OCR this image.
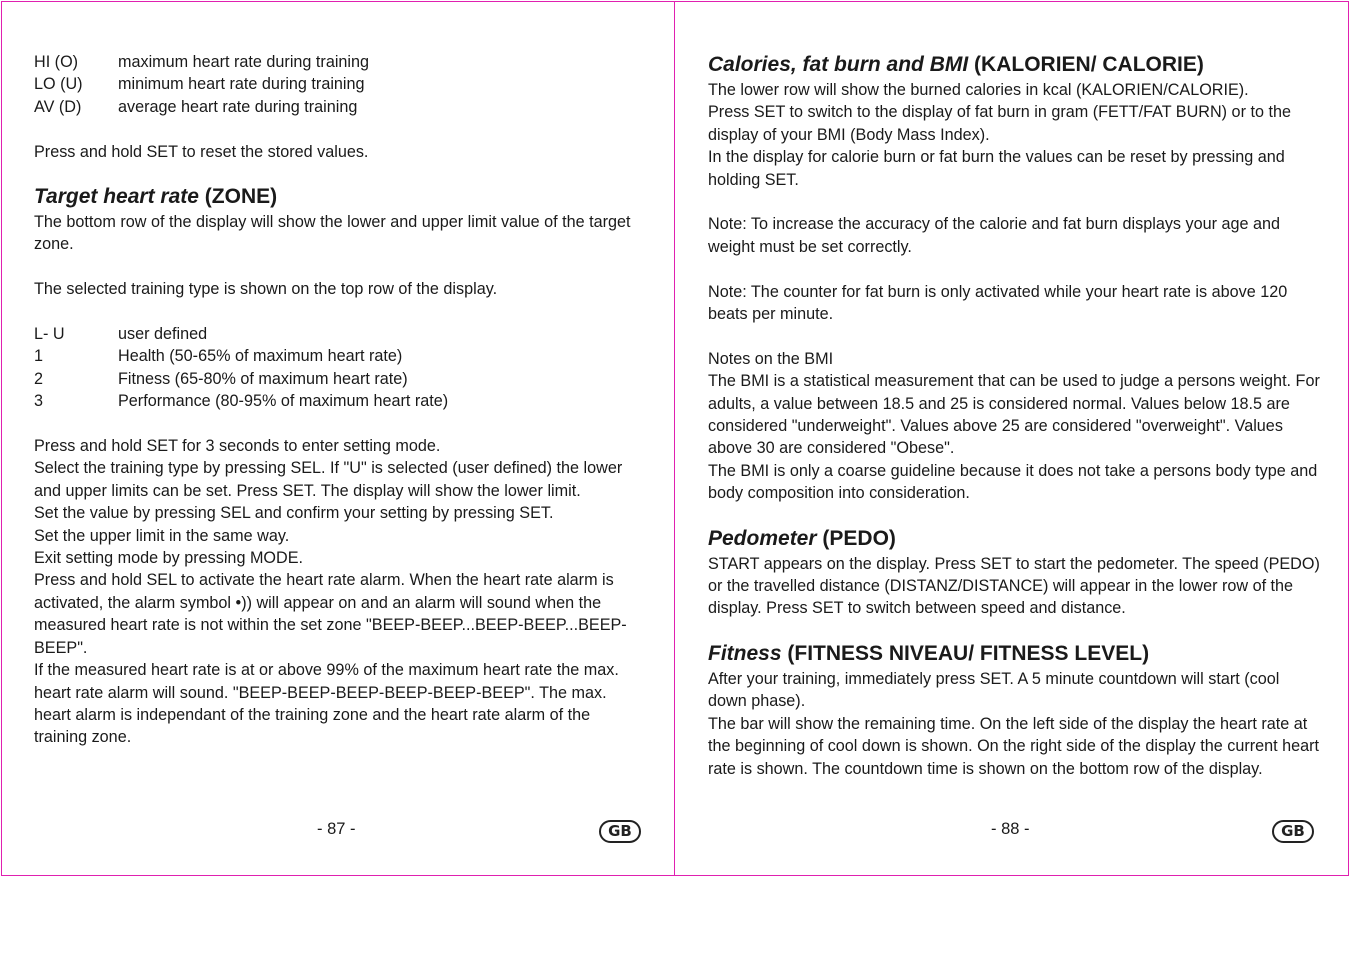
HI (O)	maximum heart rate during training
LO (U)	minimum heart rate during training
AV (D)	average heart rate during training

Press and hold SET to reset the stored values.

Target heart rate (ZONE)

The bottom row of the display will show the lower and upper limit value of the target zone.

The selected training type is shown on the top row of the display.

L- U	user defined
1	Health (50-65% of maximum heart rate)
2	Fitness (65-80% of maximum heart rate)
3	Performance (80-95% of maximum heart rate)

Press and hold SET for 3 seconds to enter setting mode.

Select the training type by pressing SEL. If "U" is selected (user defined) the lower and upper limits can be set. Press SET. The display will show the lower limit.

Set the value by pressing SEL and confirm your setting by pressing SET.

Set the upper limit in the same way.

Exit setting mode by pressing MODE.

Press and hold SEL to activate the heart rate alarm. When the heart rate alarm is activated, the alarm symbol •)) will appear on and an alarm will sound when the measured heart rate is not within the set zone "BEEP-BEEP...BEEP-BEEP...BEEP-BEEP".

If the measured heart rate is at or above 99% of the maximum heart rate the max. heart rate alarm will sound. "BEEP-BEEP-BEEP-BEEP-BEEP-BEEP". The max. heart alarm is independant of the training zone and the heart rate alarm of the training zone.

- 87 -	GB
Calories, fat burn and BMI (KALORIEN/ CALORIE)

The lower row will show the burned calories in kcal (KALORIEN/CALORIE).

Press SET to switch to the display of fat burn in gram (FETT/FAT BURN) or to the display of your BMI (Body Mass Index).

In the display for calorie burn or fat burn the values can be reset by pressing and holding SET.

Note: To increase the accuracy of the calorie and fat burn displays your age and weight must be set correctly.

Note: The counter for fat burn is only activated while your heart rate is above 120 beats per minute.

Notes on the BMI

The BMI is a statistical measurement that can be used to judge a persons weight. For adults, a value between 18.5 and 25 is considered normal. Values below 18.5 are considered "underweight". Values above 25 are considered "overweight". Values above 30 are considered "Obese".

The BMI is only a coarse guideline because it does not take a persons body type and body composition into consideration.

Pedometer (PEDO)

START appears on the display. Press SET to start the pedometer. The speed (PEDO) or the travelled distance (DISTANZ/DISTANCE) will appear in the lower row of the display. Press SET to switch between speed and distance.

Fitness (FITNESS NIVEAU/ FITNESS LEVEL)

After your training, immediately press SET. A 5 minute countdown will start (cool down phase).

The bar will show the remaining time. On the left side of the display the heart rate at the beginning of cool down is shown. On the right side of the display the current heart rate is shown. The countdown time is shown on the bottom row of the display.

- 88 -	GB
